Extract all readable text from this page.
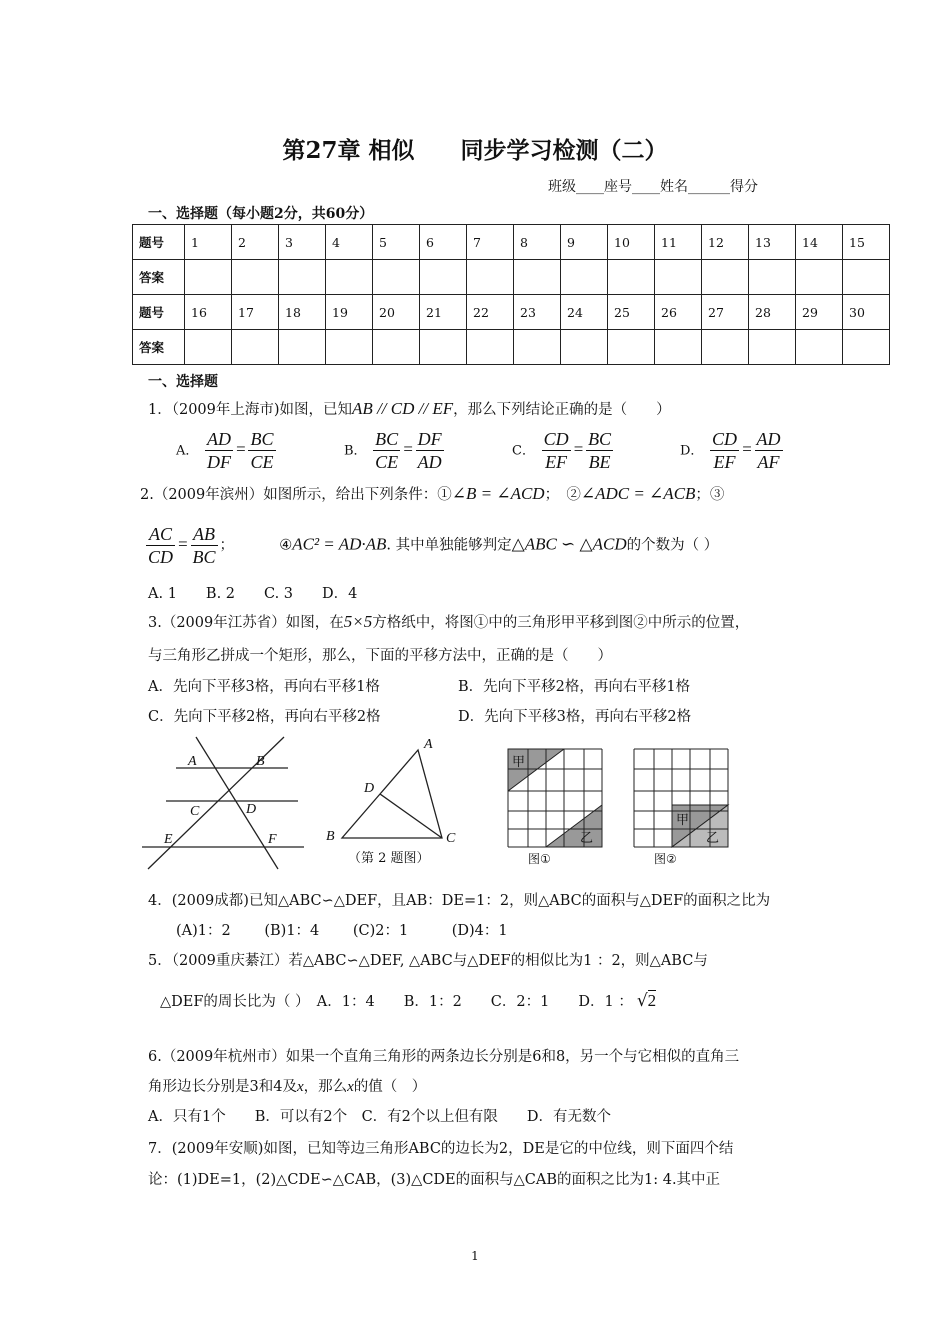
第27章 相似　　同步学习检测（二）
班级____座号____姓名______得分
一、选择题（每小题2分，共60分）
题号	1	2	3	4	5	6	7	8	9	10	11	12	13	14	15
答案															
题号	16	17	18	19	20	21	22	23	24	25	26	27	28	29	30
答案															
一、选择题
1．（2009年上海市)如图，已知AB // CD // EF，那么下列结论正确的是（　　）
A． $\frac{AD}{DF} = \frac{BC}{CE}$	B． $\frac{BC}{CE} = \frac{DF}{AD}$	C． $\frac{CD}{EF} = \frac{BC}{BE}$	D． $\frac{CD}{EF} = \frac{AD}{AF}$
2.（2009年滨州）如图所示，给出下列条件：①∠B = ∠ACD；　②∠ADC = ∠ACB；③
$\frac{AC}{CD} = \frac{AB}{BC}$ ；	④AC² = AD·AB. 其中单独能够判定△ABC ∽ △ACD的个数为（ ）
A. 1　　B. 2　　C. 3　　D．4
3.（2009年江苏省）如图，在5×5方格纸中，将图①中的三角形甲平移到图②中所示的位置，
与三角形乙拼成一个矩形，那么，下面的平移方法中，正确的是（　　）
A．先向下平移3格，再向右平移1格	B．先向下平移2格，再向右平移1格
C．先向下平移2格，再向右平移2格	D．先向下平移3格，再向右平移2格
A	B
C	D
E	F
A
D
B	C
（第 2 题图）
甲
乙
图①
甲
乙
图②
4．(2009成都)已知△ABC∽△DEF，且AB：DE=1：2，则△ABC的面积与△DEF的面积之比为
(A)1：2　　 (B)1：4　　 (C)2：1　　　(D)4：1
5．（2009重庆綦江）若△ABC∽△DEF, △ABC与△DEF的相似比为1 ：2，则△ABC与
△DEF的周长比为（ ）　A．1：4　　B．1：2　　C．2：1　　D．1 ： √2
6.（2009年杭州市）如果一个直角三角形的两条边长分别是6和8，另一个与它相似的直角三
角形边长分别是3和4及x，那么x的值（　）
A．只有1个　　B．可以有2个　C．有2个以上但有限　　D．有无数个
7．(2009年安顺)如图，已知等边三角形ABC的边长为2，DE是它的中位线，则下面四个结
论：(1)DE=1，(2)△CDE∽△CAB，(3)△CDE的面积与△CAB的面积之比为1: 4.其中正
1
